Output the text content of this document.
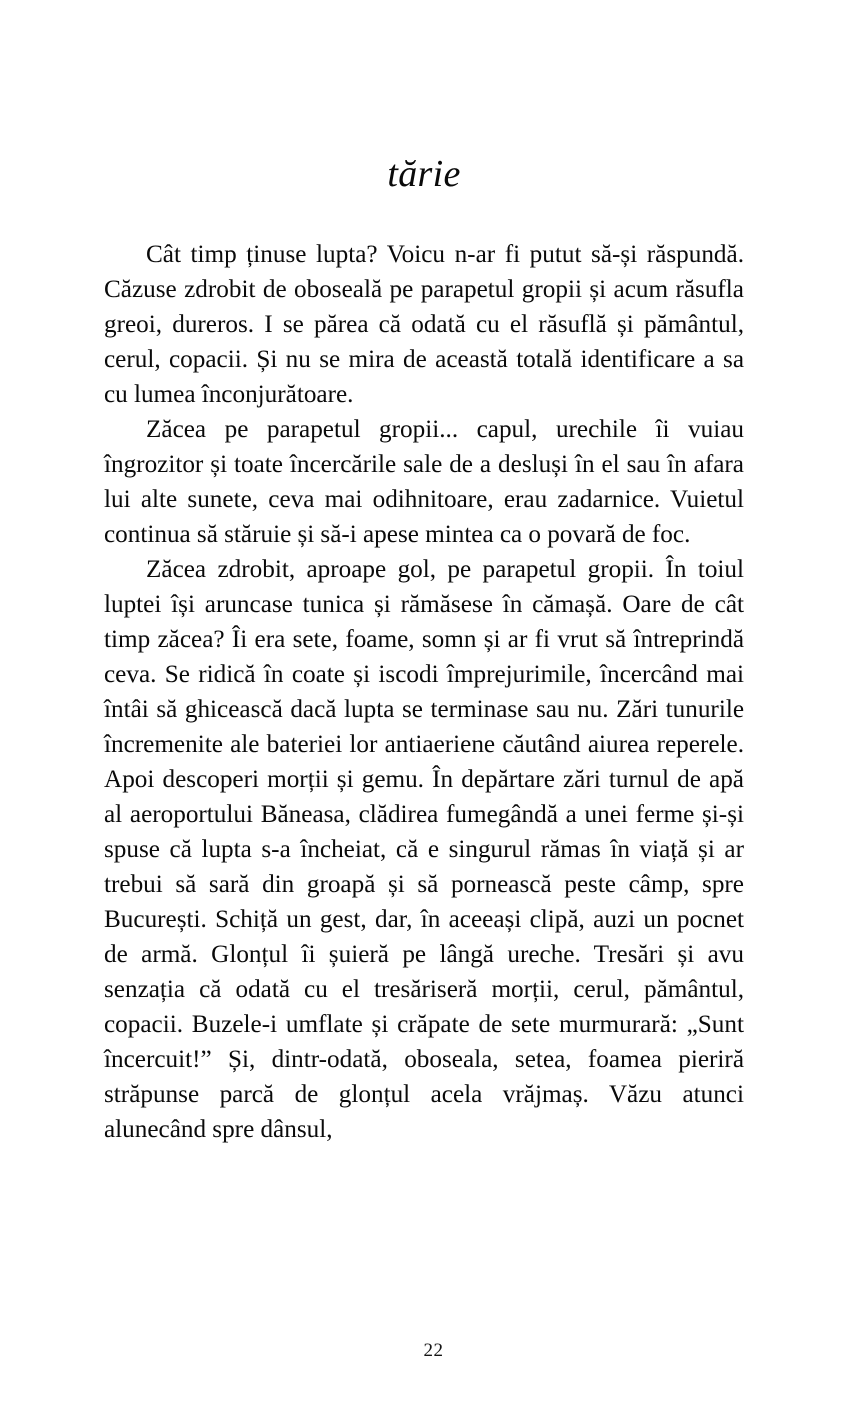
tărie

Cât timp ținuse lupta? Voicu n-ar fi putut să-și răspundă. Căzuse zdrobit de oboseală pe parapetul gropii și acum răsufla greoi, dureros. I se părea că odată cu el răsuflă și pământul, cerul, copacii. Și nu se mira de această totală identificare a sa cu lumea înconjurătoare.

Zăcea pe parapetul gropii... capul, urechile îi vuiau îngrozitor și toate încercările sale de a desluși în el sau în afara lui alte sunete, ceva mai odihnitoare, erau zadarnice. Vuietul continua să stăruie și să-i apese mintea ca o povară de foc.

Zăcea zdrobit, aproape gol, pe parapetul gropii. În toiul luptei își aruncase tunica și rămăsese în cămașă. Oare de cât timp zăcea? Îi era sete, foame, somn și ar fi vrut să întreprindă ceva. Se ridică în coate și iscodi împrejurimile, încercând mai întâi să ghicească dacă lupta se terminase sau nu. Zări tunurile încremenite ale bateriei lor antiaeriene căutând aiurea reperele. Apoi descoperi morții și gemu. În depărtare zări turnul de apă al aeroportului Băneasa, clădirea fumegândă a unei ferme și-și spuse că lupta s-a încheiat, că e singurul rămas în viață și ar trebui să sară din groapă și să pornească peste câmp, spre București. Schiță un gest, dar, în aceeași clipă, auzi un pocnet de armă. Glonțul îi șuieră pe lângă ureche. Tresări și avu senzația că odată cu el tresăriseră morții, cerul, pământul, copacii. Buzele-i umflate și crăpate de sete murmurară: „Sunt încercuit!” Și, dintr-odată, oboseala, setea, foamea pieriră străpunse parcă de glonțul acela vrăjmaș. Văzu atunci alunecând spre dânsul,

22
